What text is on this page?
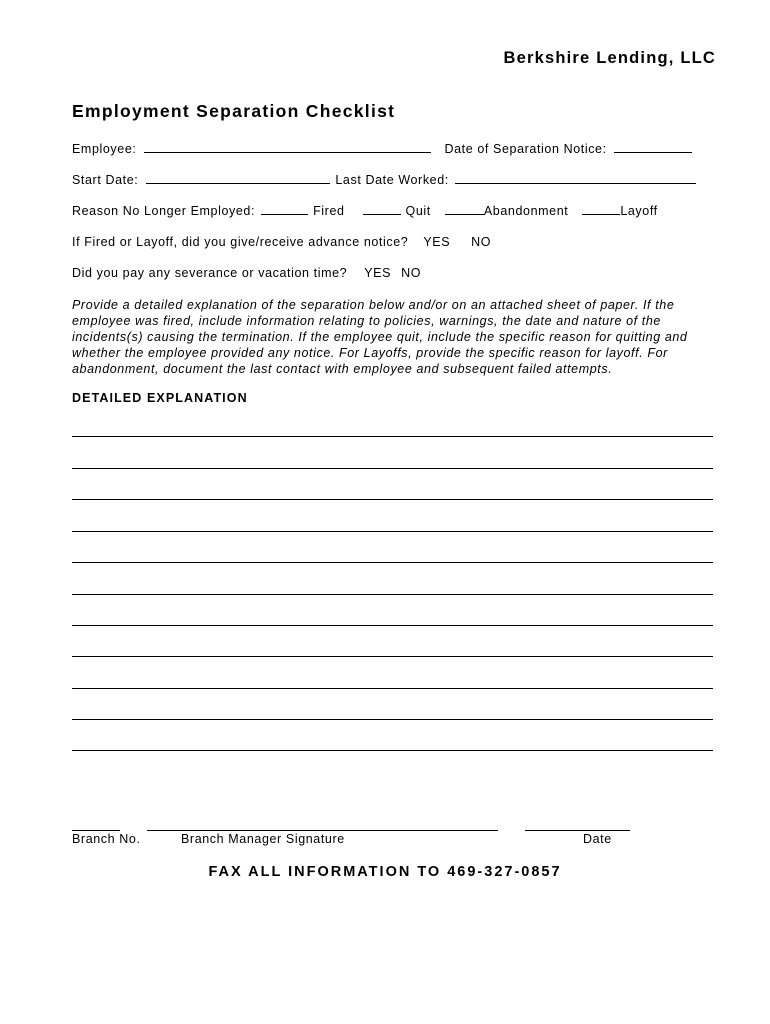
Berkshire Lending, LLC
Employment Separation Checklist
Employee:	Date of Separation Notice:
Start Date:	Last Date Worked:
Reason No Longer Employed:	Fired	Quit	Abandonment	Layoff
If Fired or Layoff, did you give/receive advance notice? YES NO
Did you pay any severance or vacation time? YES NO
Provide a detailed explanation of the separation below and/or on an attached sheet of paper. If the employee was fired, include information relating to policies, warnings, the date and nature of the incidents(s) causing the termination. If the employee quit, include the specific reason for quitting and whether the employee provided any notice. For Layoffs, provide the specific reason for layoff. For abandonment, document the last contact with employee and subsequent failed attempts.
DETAILED EXPLANATION
Branch No.	Branch Manager Signature	Date
FAX ALL INFORMATION TO 469-327-0857
